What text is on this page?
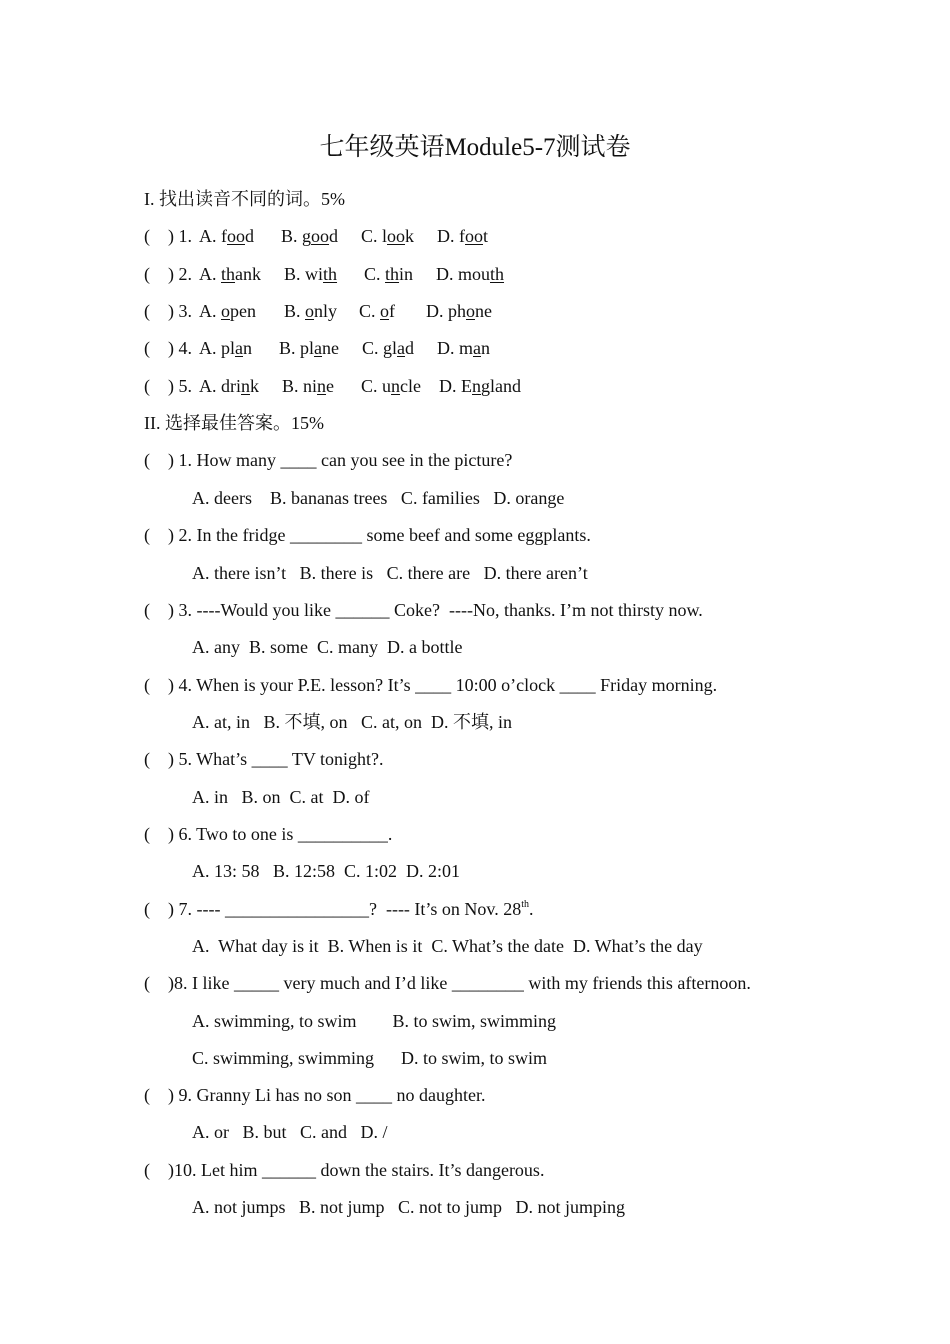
七年级英语Module5-7测试卷
I. 找出读音不同的词。5%
(    ) 1. A. food B. good C. look D. foot
(    ) 2. A. thank B. with C. thin D. mouth
(    ) 3. A. open B. only C. of D. phone
(    ) 4. A. plan B. plane C. glad D. man
(    ) 5. A. drink B. nine C. uncle D. England
II. 选择最佳答案。15%
(    ) 1. How many ____ can you see in the picture?
A. deers    B. bananas trees   C. families   D. orange
(    ) 2. In the fridge ________ some beef and some eggplants.
A. there isn’t   B. there is   C. there are   D. there aren’t
(    ) 3. ----Would you like ______ Coke?  ----No, thanks. I’m not thirsty now.
A. any  B. some  C. many  D. a bottle
(    ) 4. When is your P.E. lesson? It’s ____ 10:00 o’clock ____ Friday morning.
A. at, in   B. 不填, on   C. at, on  D. 不填, in
(    ) 5. What’s ____ TV tonight?.
A. in   B. on  C. at  D. of
(    ) 6. Two to one is __________.
A. 13: 58   B. 12:58  C. 1:02  D. 2:01
(    ) 7. ---- ________________?  ---- It’s on Nov. 28th.
A.  What day is it  B. When is it  C. What’s the date  D. What’s the day
(    )8. I like _____ very much and I’d like ________ with my friends this afternoon.
A. swimming, to swim        B. to swim, swimming
C. swimming, swimming      D. to swim, to swim
(    ) 9. Granny Li has no son ____ no daughter.
A. or   B. but   C. and   D. /
(    )10. Let him ______ down the stairs. It’s dangerous.
A. not jumps   B. not jump   C. not to jump   D. not jumping
